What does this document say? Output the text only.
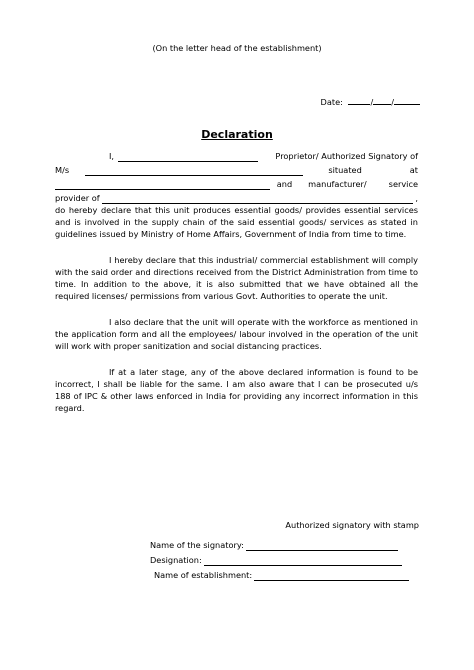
(On the letter head of the establishment)
Date:	/ /
Declaration
I,	Proprietor/ Authorized Signatory of
M/s	situated	at
and manufacturer/	service
provider of	,

do hereby declare that this unit produces essential goods/ provides essential services and is involved in the supply chain of the said essential goods/ services as stated in guidelines issued by Ministry of Home Affairs, Government of India from time to time.

I hereby declare that this industrial/ commercial establishment will comply with the said order and directions received from the District Administration from time to time. In addition to the above, it is also submitted that we have obtained all the required licenses/ permissions from various Govt. Authorities to operate the unit.

I also declare that the unit will operate with the workforce as mentioned in the application form and all the employees/ labour involved in the operation of the unit will work with proper sanitization and social distancing practices.

If at a later stage, any of the above declared information is found to be incorrect, I shall be liable for the same. I am also aware that I can be prosecuted u/s 188 of IPC & other laws enforced in India for providing any incorrect information in this regard.

Authorized signatory with stamp
Name of the signatory:
Designation:
Name of establishment:
